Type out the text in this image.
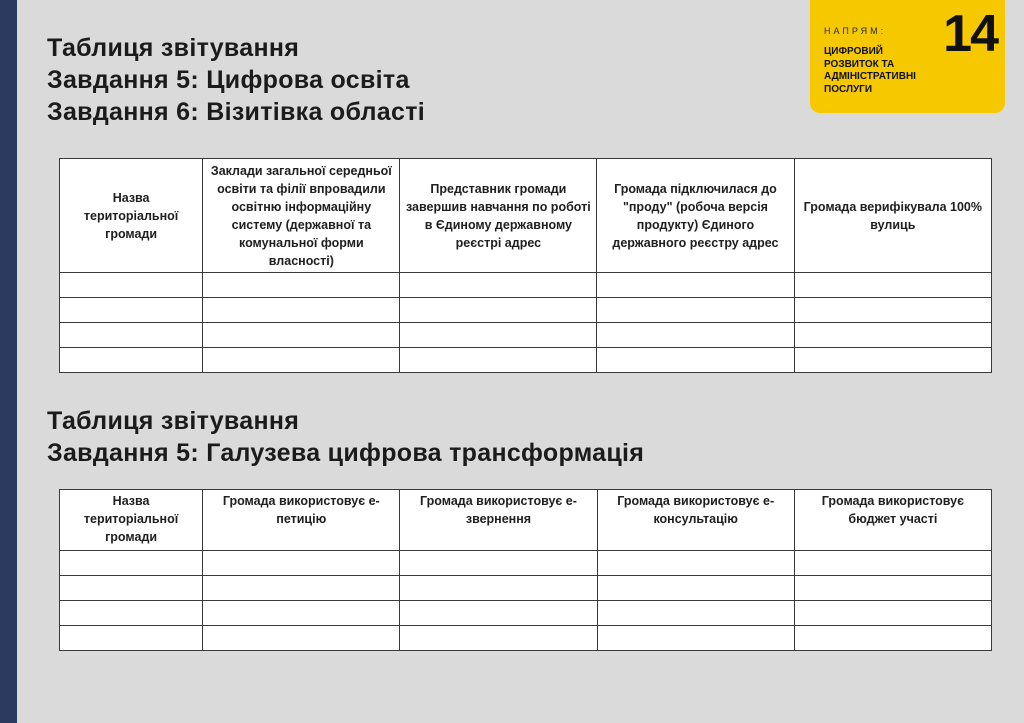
Таблиця звітування
Завдання 5: Цифрова освіта
Завдання 6: Візитівка області
НАПРЯМ: 14
ЦИФРОВИЙ
РОЗВИТОК ТА
АДМІНІСТРАТИВНІ
ПОСЛУГИ
Назва територіальної громади	Заклади загальної середньої освіти та філії впровадили освітню інформаційну систему (державної та комунальної форми власності)	Представник громади завершив навчання по роботі в Єдиному державному реєстрі адрес	Громада підключилася до "проду" (робоча версія продукту) Єдиного державного реєстру адрес	Громада верифікувала 100% вулиць

Таблиця звітування
Завдання 5: Галузева цифрова трансформація
Назва територіальної громади	Громада використовує е-петицію	Громада використовує е-звернення	Громада використовує е-консультацію	Громада використовує бюджет участі
